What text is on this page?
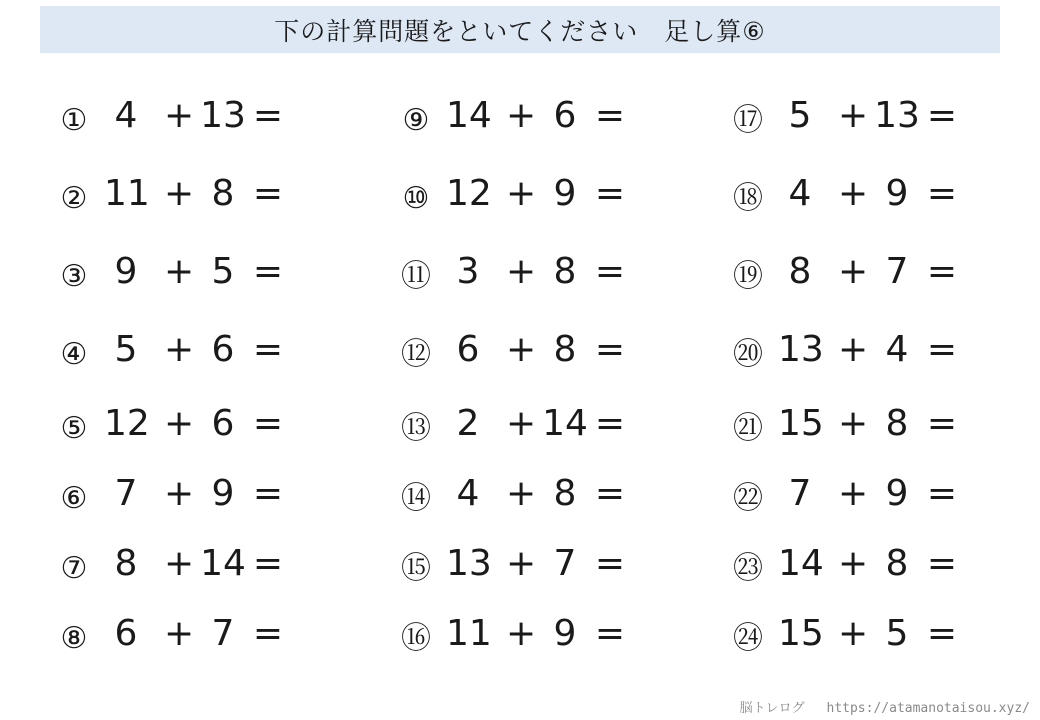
下の計算問題をといてください　足し算⑥
① 4 + 13 =
② 11 + 8 =
③ 9 + 5 =
④ 5 + 6 =
⑤ 12 + 6 =
⑥ 7 + 9 =
⑦ 8 + 14 =
⑧ 6 + 7 =
⑨ 14 + 6 =
⑩ 12 + 9 =
⑪ 3 + 8 =
⑫ 6 + 8 =
⑬ 2 + 14 =
⑭ 4 + 8 =
⑮ 13 + 7 =
⑯ 11 + 9 =
⑰ 5 + 13 =
⑱ 4 + 9 =
⑲ 8 + 7 =
⑳ 13 + 4 =
㉑ 15 + 8 =
㉒ 7 + 9 =
㉓ 14 + 8 =
㉔ 15 + 5 =
脳トレログ https://atamanotaisou.xyz/
